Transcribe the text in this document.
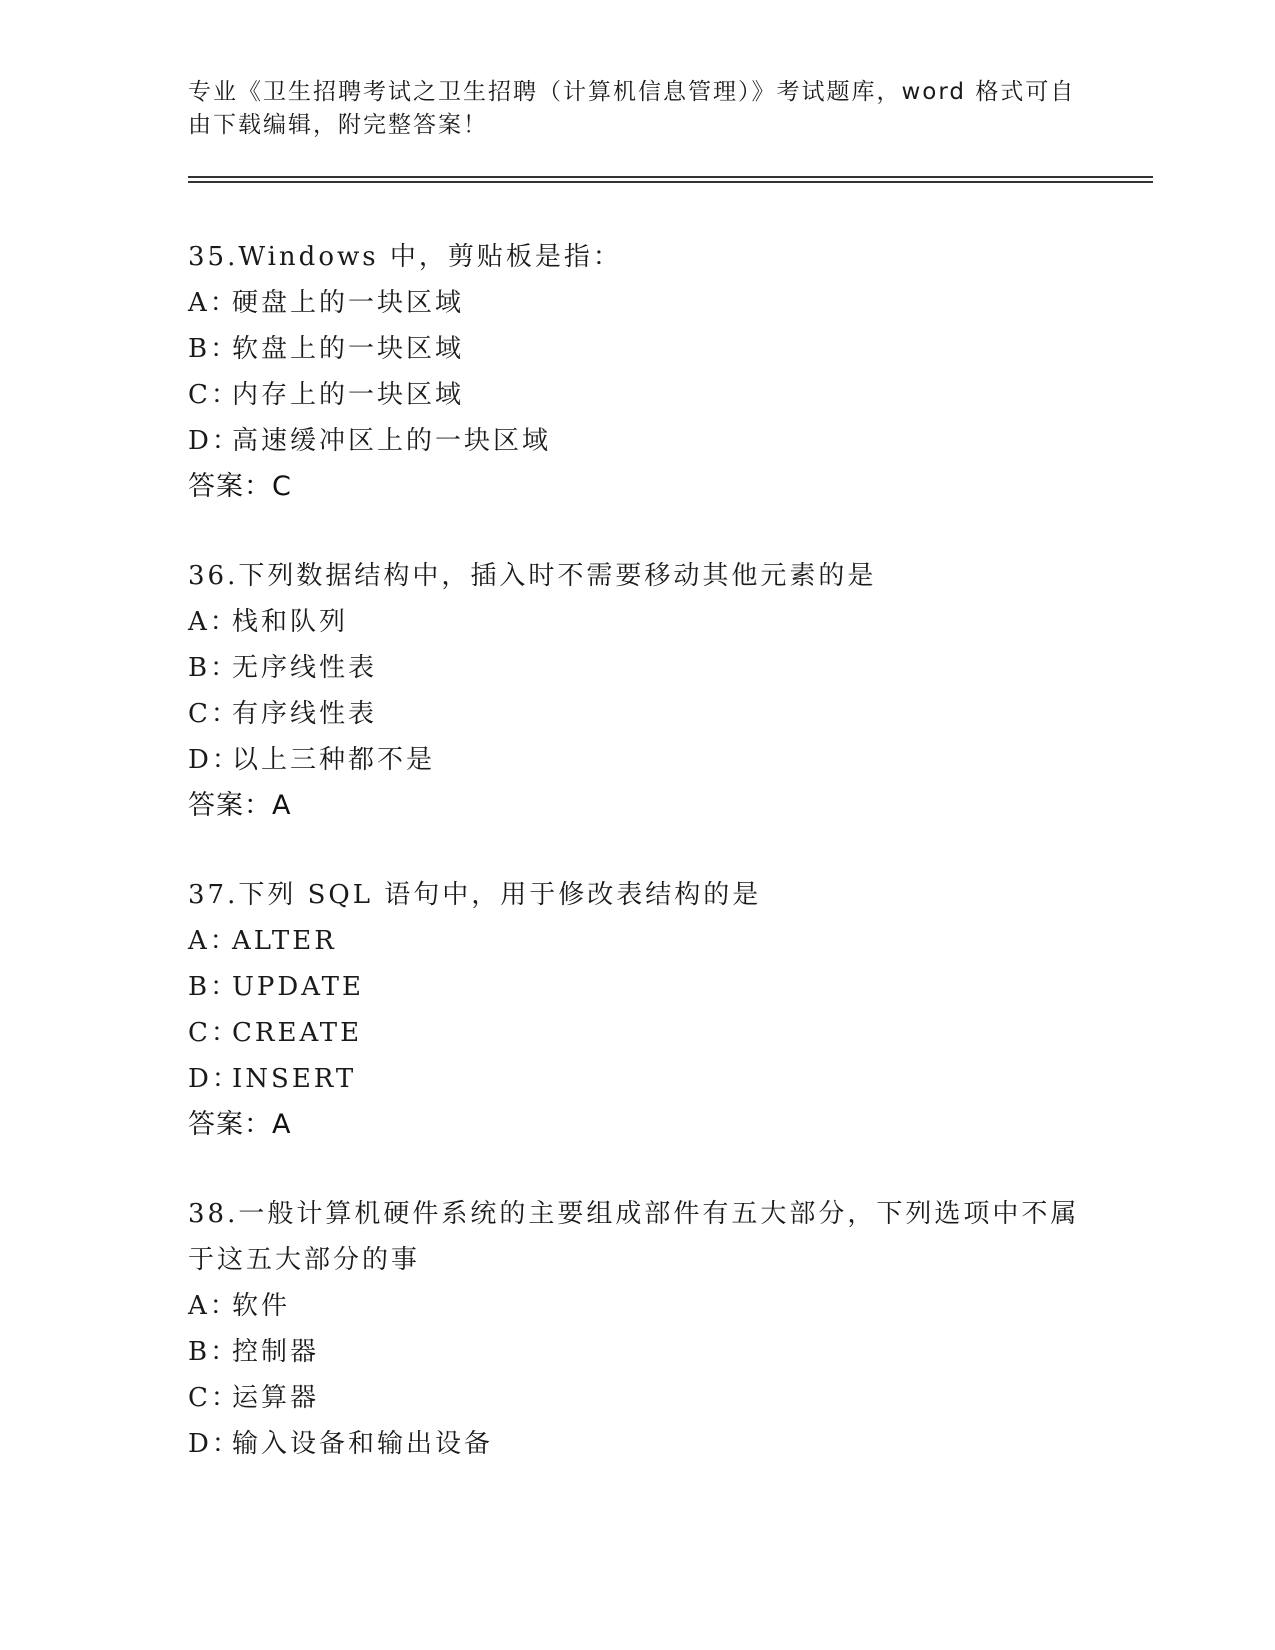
专业《卫生招聘考试之卫生招聘（计算机信息管理）》考试题库，word 格式可自
由下载编辑，附完整答案！
35.Windows 中，剪贴板是指：
A：硬盘上的一块区域
B：软盘上的一块区域
C：内存上的一块区域
D：高速缓冲区上的一块区域
答案：C
36.下列数据结构中，插入时不需要移动其他元素的是
A：栈和队列
B：无序线性表
C：有序线性表
D：以上三种都不是
答案：A
37.下列 SQL 语句中，用于修改表结构的是
A：ALTER
B：UPDATE
C：CREATE
D：INSERT
答案：A
38.一般计算机硬件系统的主要组成部件有五大部分，下列选项中不属
于这五大部分的事
A：软件
B：控制器
C：运算器
D：输入设备和输出设备
